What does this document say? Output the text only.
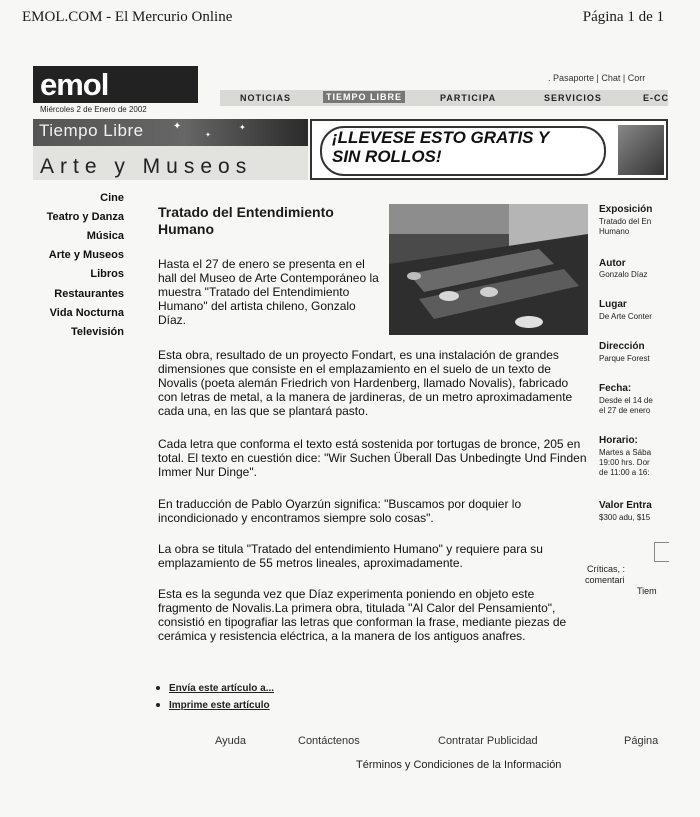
EMOL.COM - El Mercurio Online	Página 1 de 1
emol
Miércoles 2 de Enero de 2002
. Pasaporte | Chat | Corr
NOTICIAS	TIEMPO LIBRE	PARTICIPA	SERVICIOS	E-CC
✦
✦
✦
Tiempo Libre
Arte y Museos
¡LLEVESE ESTO GRATIS Y
SIN ROLLOS!
Cine
Teatro y Danza
Música
Arte y Museos
Libros
Restaurantes
Vida Nocturna
Televisión
Tratado del Entendimiento
Humano
Hasta el 27 de enero se presenta en el hall del Museo de Arte Contemporáneo la muestra "Tratado del Entendimiento Humano" del artista chileno, Gonzalo Díaz.
Esta obra, resultado de un proyecto Fondart, es una instalación de grandes dimensiones que consiste en el emplazamiento en el suelo de un texto de Novalis (poeta alemán Friedrich von Hardenberg, llamado Novalis), fabricado con letras de metal, a la manera de jardineras, de un metro aproximadamente cada una, en las que se plantará pasto.
Cada letra que conforma el texto está sostenida por tortugas de bronce, 205 en total. El texto en cuestión dice: "Wir Suchen Überall Das Unbedingte Und Finden Immer Nur Dinge".
En traducción de Pablo Oyarzún significa: "Buscamos por doquier lo incondicionado y encontramos siempre solo cosas".
La obra se titula "Tratado del entendimiento Humano" y requiere para su emplazamiento de 55 metros lineales, aproximadamente.
Esta es la segunda vez que Díaz experimenta poniendo en objeto este fragmento de Novalis.La primera obra, titulada "Al Calor del Pensamiento", consistió en tipografiar las letras que conforman la frase, mediante piezas de cerámica y resistencia eléctrica, a la manera de los antiguos anafres.
Envía este artículo a...
Imprime este artículo
Exposición
Tratado del En
Humano
Autor
Gonzalo Díaz
Lugar
De Arte Conter
Dirección
Parque Forest
Fecha:
Desde el 14 de
el 27 de enero
Horario:
Martes a Sába
19:00 hrs. Dor
de 11:00 a 16:
Valor Entra
$300 adu, $15
Críticas, :
comentari
Tiem
Ayuda	Contáctenos	Contratar Publicidad	Página
Términos y Condiciones de la Información
